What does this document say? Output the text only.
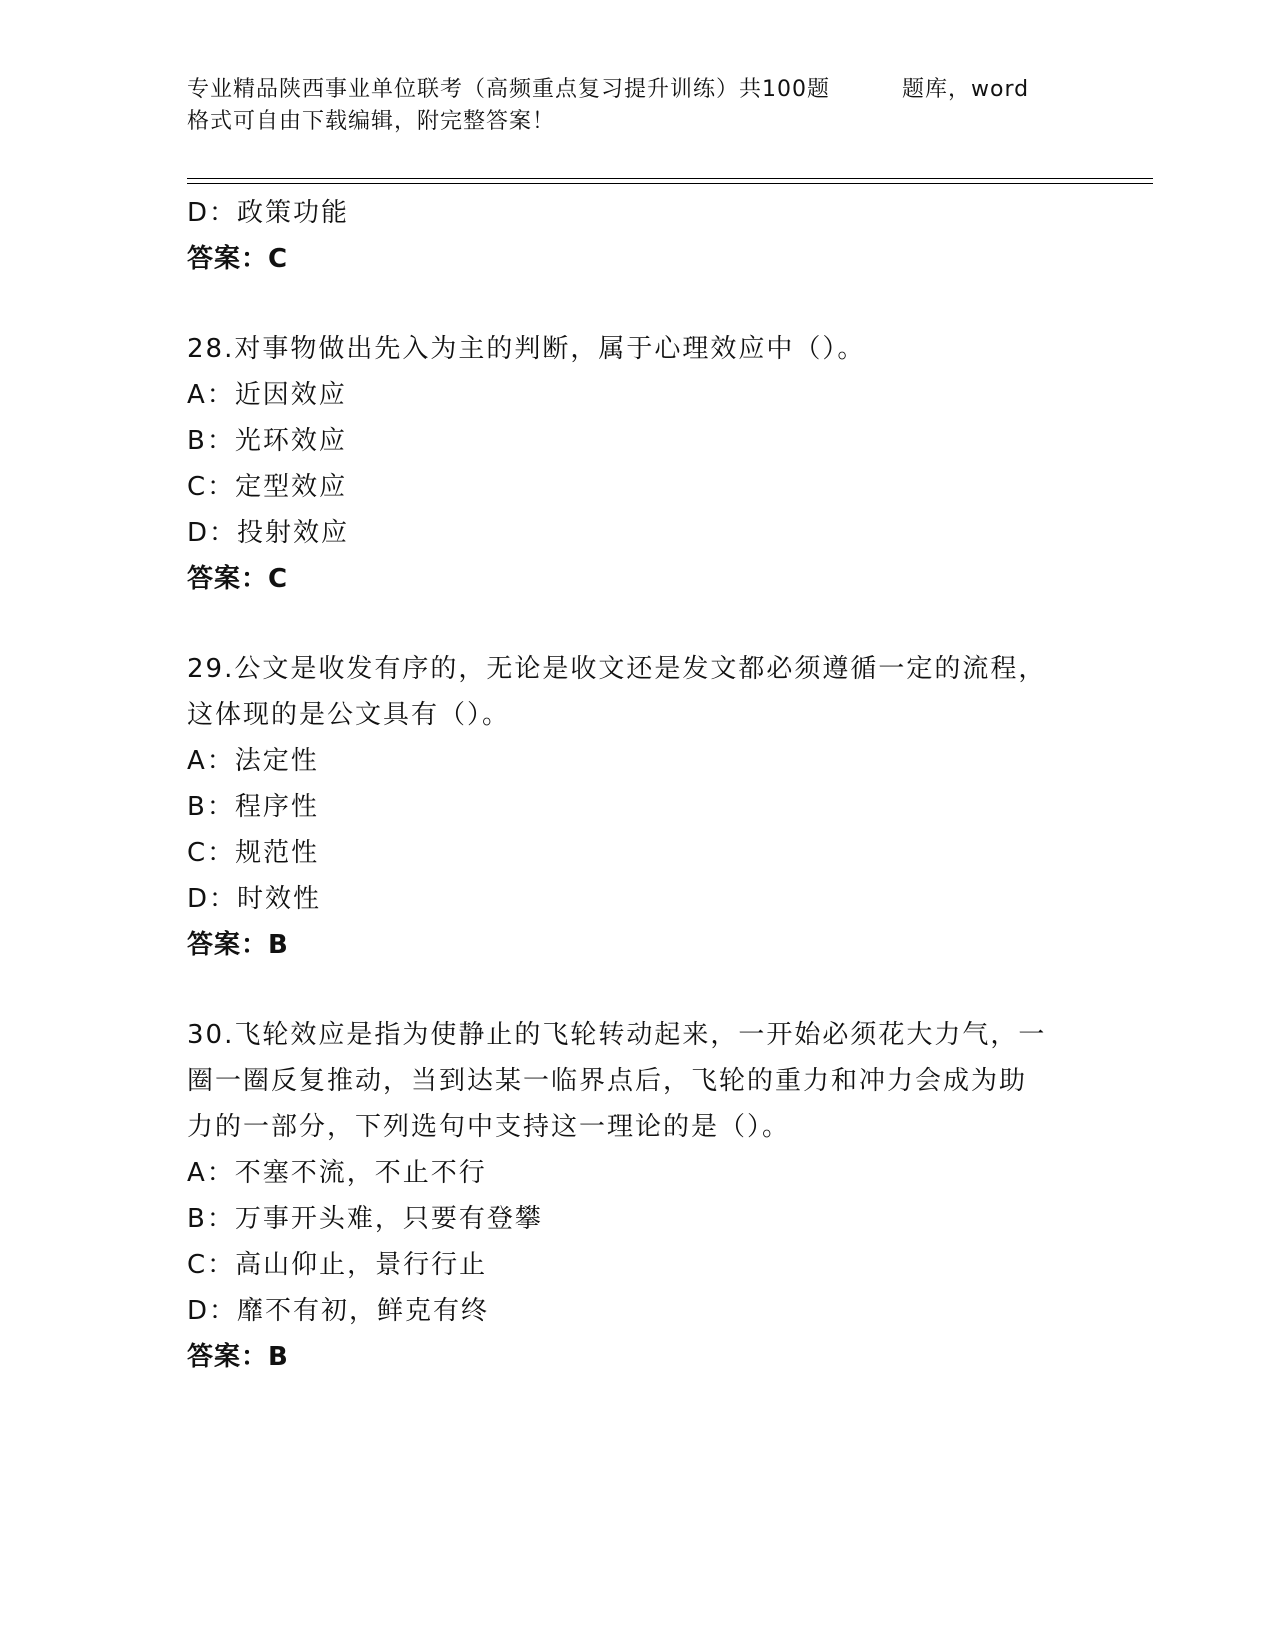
专业精品陕西事业单位联考（高频重点复习提升训练）共100题	题库，word
格式可自由下载编辑，附完整答案！
D：政策功能
答案：C
28.对事物做出先入为主的判断，属于心理效应中（）。
A：近因效应
B：光环效应
C：定型效应
D：投射效应
答案：C
29.公文是收发有序的，无论是收文还是发文都必须遵循一定的流程，
这体现的是公文具有（）。
A：法定性
B：程序性
C：规范性
D：时效性
答案：B
30.飞轮效应是指为使静止的飞轮转动起来，一开始必须花大力气，一
圈一圈反复推动，当到达某一临界点后，飞轮的重力和冲力会成为助
力的一部分，下列选句中支持这一理论的是（）。
A：不塞不流，不止不行
B：万事开头难，只要有登攀
C：高山仰止，景行行止
D：靡不有初，鲜克有终
答案：B
